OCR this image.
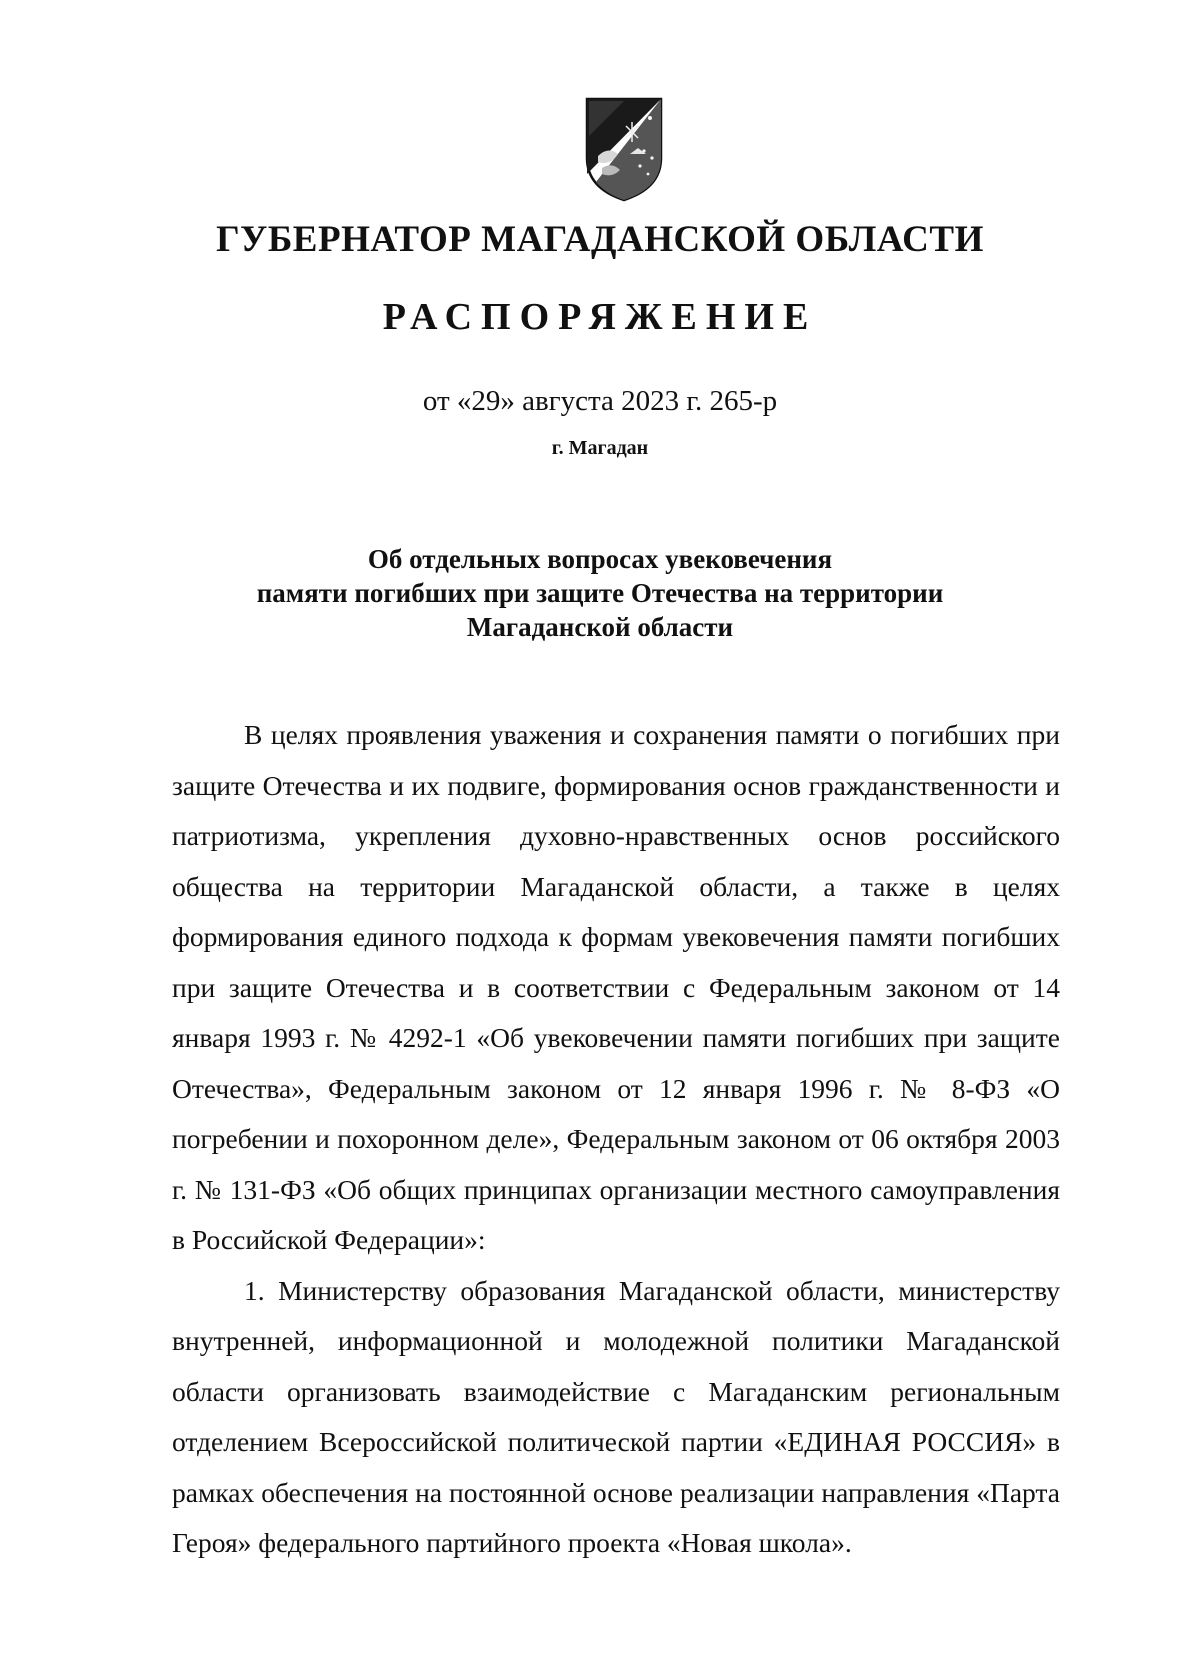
ГУБЕРНАТОР МАГАДАНСКОЙ ОБЛАСТИ
РАСПОРЯЖЕНИЕ
от «29» августа 2023 г. 265-р
г. Магадан
Об отдельных вопросах увековечения
памяти погибших при защите Отечества на территории
Магаданской области

В целях проявления уважения и сохранения памяти о погибших при защите Отечества и их подвиге, формирования основ гражданственности и патриотизма, укрепления духовно-нравственных основ российского общества на территории Магаданской области, а также в целях формирования единого подхода к формам увековечения памяти погибших при защите Отечества и в соответствии с Федеральным законом от 14 января 1993 г. № 4292-1 «Об увековечении памяти погибших при защите Отечества», Федеральным законом от 12 января 1996 г. № 8-ФЗ «О погребении и похоронном деле», Федеральным законом от 06 октября 2003 г. № 131-ФЗ «Об общих принципах организации местного самоуправления в Российской Федерации»:

1. Министерству образования Магаданской области, министерству внутренней, информационной и молодежной политики Магаданской области организовать взаимодействие с Магаданским региональным отделением Всероссийской политической партии «ЕДИНАЯ РОССИЯ» в рамках обеспечения на постоянной основе реализации направления «Парта Героя» федерального партийного проекта «Новая школа».
